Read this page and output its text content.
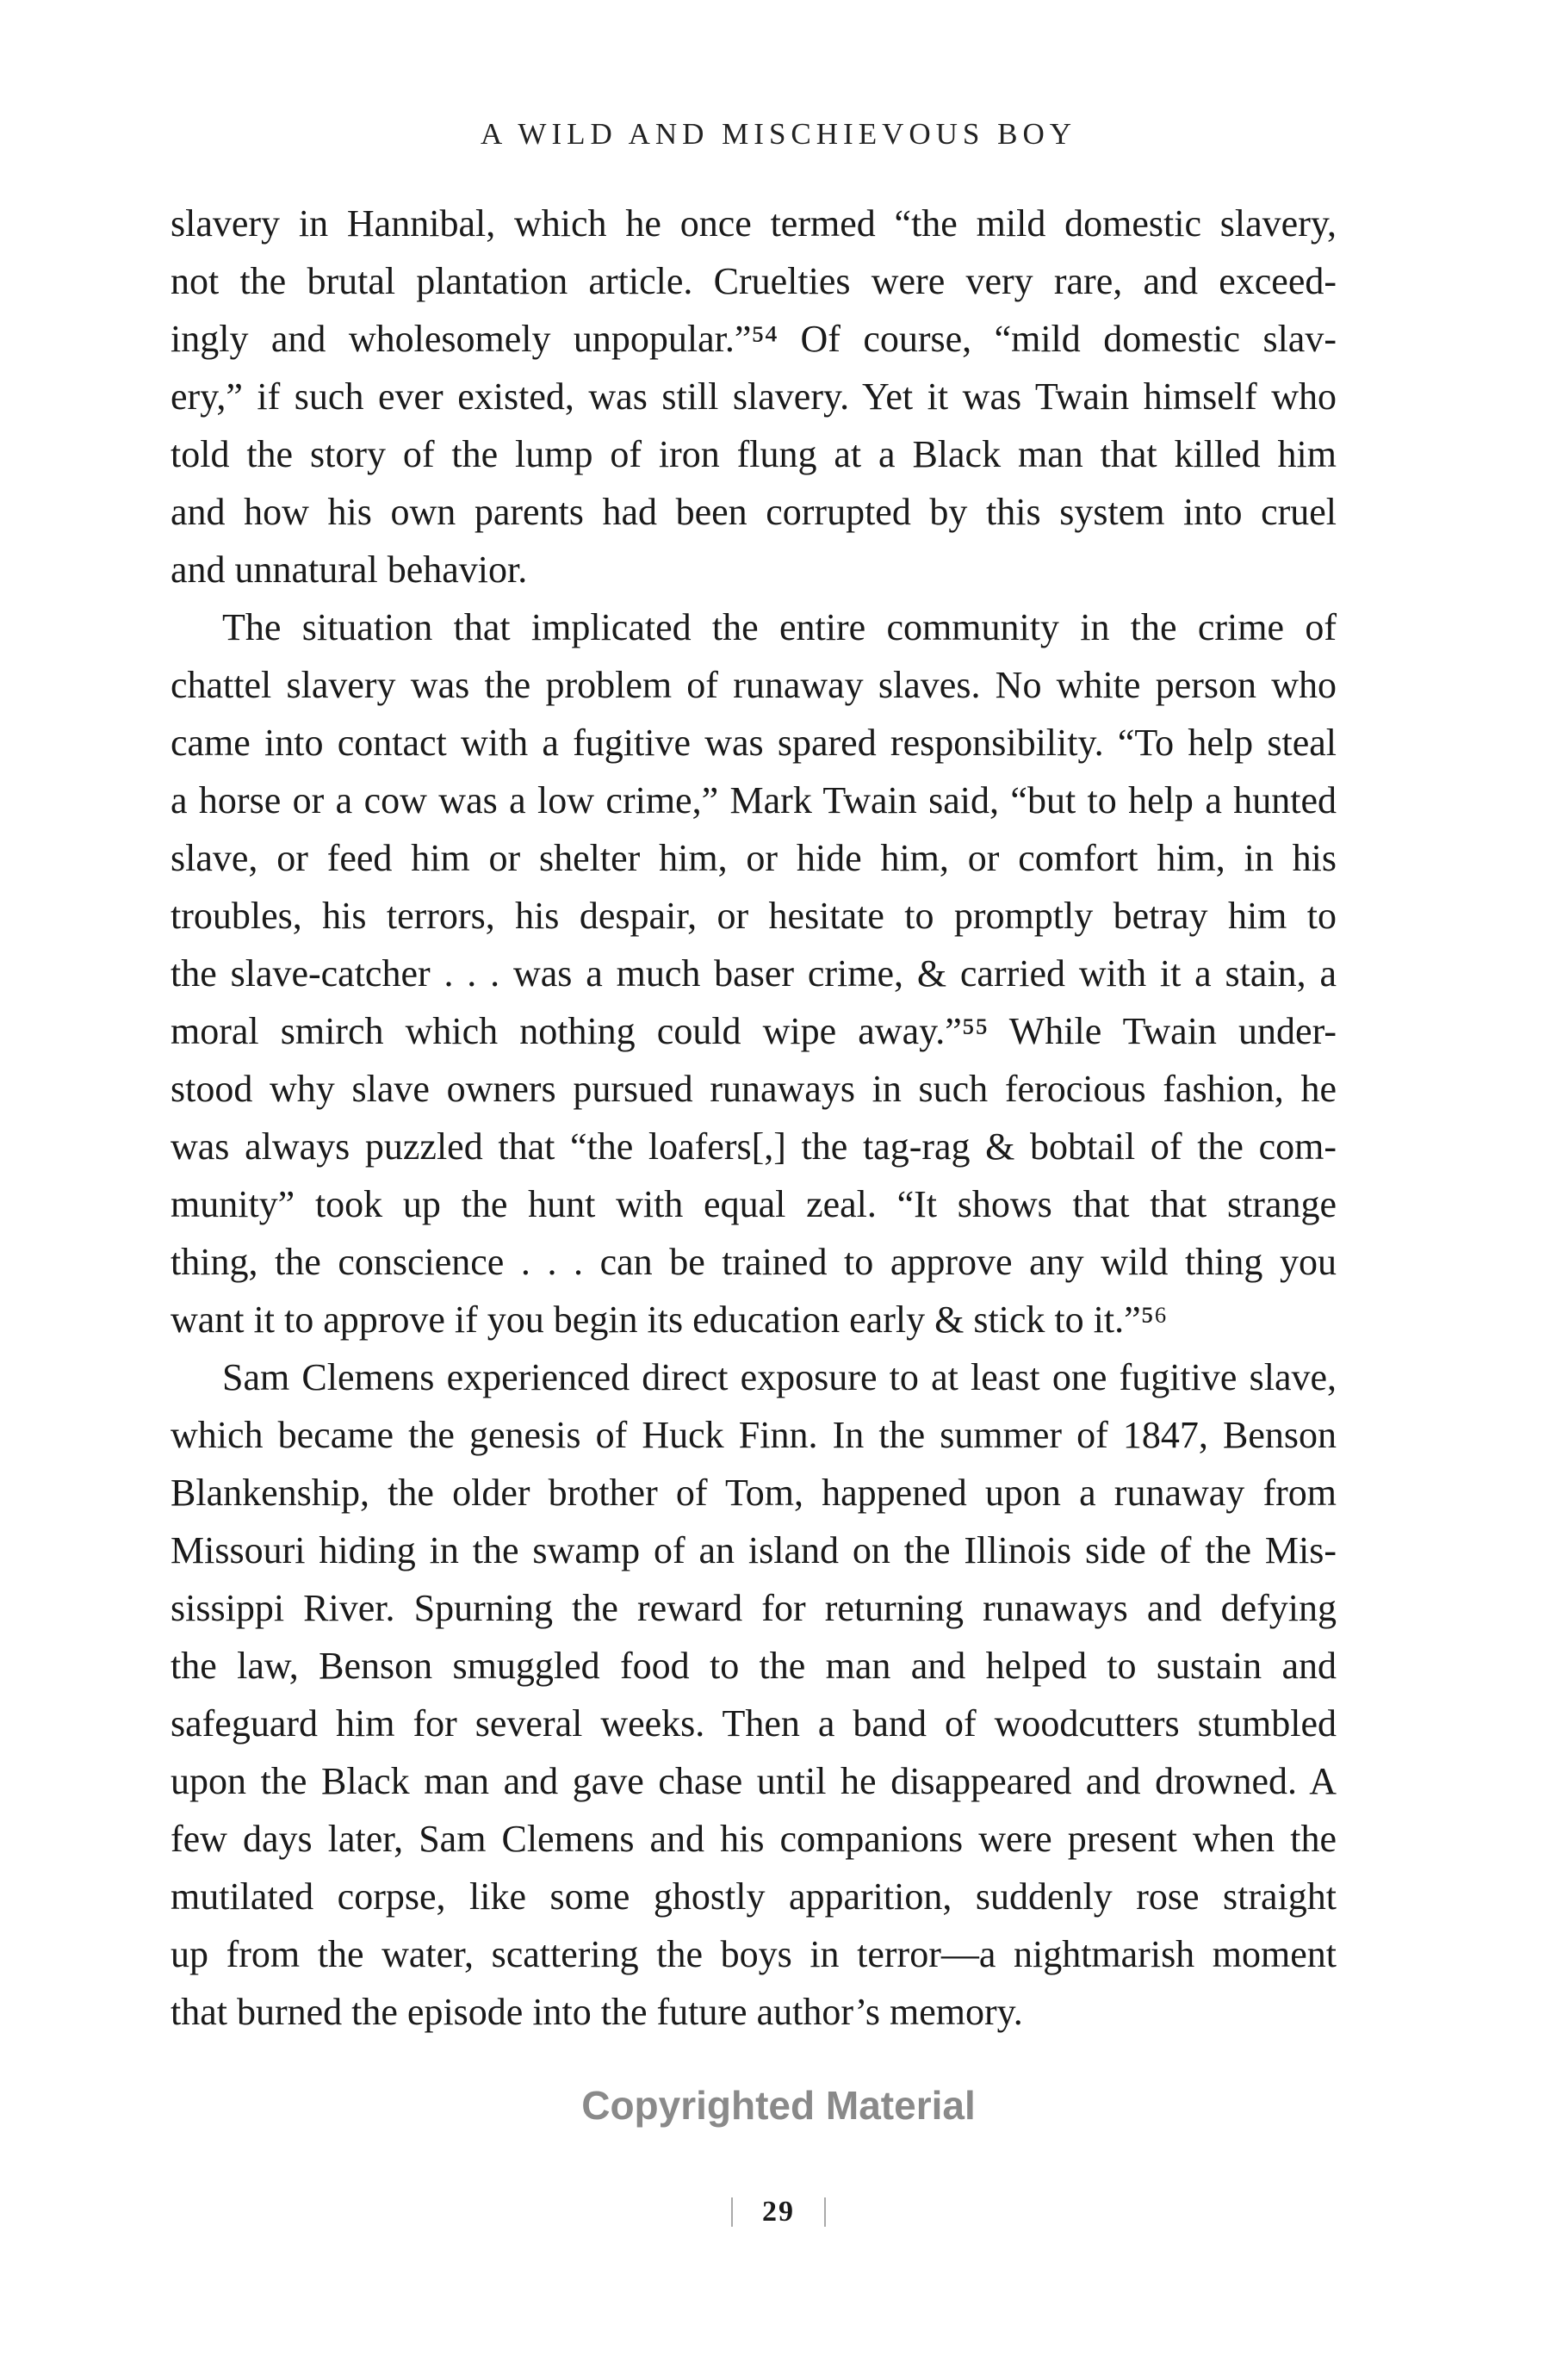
A WILD AND MISCHIEVOUS BOY
slavery in Hannibal, which he once termed “the mild domestic slavery,
not the brutal plantation article. Cruelties were very rare, and exceed-
ingly and wholesomely unpopular.”⁵⁴ Of course, “mild domestic slav-
ery,” if such ever existed, was still slavery. Yet it was Twain himself who
told the story of the lump of iron flung at a Black man that killed him
and how his own parents had been corrupted by this system into cruel
and unnatural behavior.
The situation that implicated the entire community in the crime of
chattel slavery was the problem of runaway slaves. No white person who
came into contact with a fugitive was spared responsibility. “To help steal
a horse or a cow was a low crime,” Mark Twain said, “but to help a hunted
slave, or feed him or shelter him, or hide him, or comfort him, in his
troubles, his terrors, his despair, or hesitate to promptly betray him to
the slave-catcher . . . was a much baser crime, & carried with it a stain, a
moral smirch which nothing could wipe away.”⁵⁵ While Twain under-
stood why slave owners pursued runaways in such ferocious fashion, he
was always puzzled that “the loafers[,] the tag-rag & bobtail of the com-
munity” took up the hunt with equal zeal. “It shows that that strange
thing, the conscience . . . can be trained to approve any wild thing you
want it to approve if you begin its education early & stick to it.”⁵⁶
Sam Clemens experienced direct exposure to at least one fugitive slave,
which became the genesis of Huck Finn. In the summer of 1847, Benson
Blankenship, the older brother of Tom, happened upon a runaway from
Missouri hiding in the swamp of an island on the Illinois side of the Mis-
sissippi River. Spurning the reward for returning runaways and defying
the law, Benson smuggled food to the man and helped to sustain and
safeguard him for several weeks. Then a band of woodcutters stumbled
upon the Black man and gave chase until he disappeared and drowned. A
few days later, Sam Clemens and his companions were present when the
mutilated corpse, like some ghostly apparition, suddenly rose straight
up from the water, scattering the boys in terror—a nightmarish moment
that burned the episode into the future author’s memory.
Copyrighted Material
29
